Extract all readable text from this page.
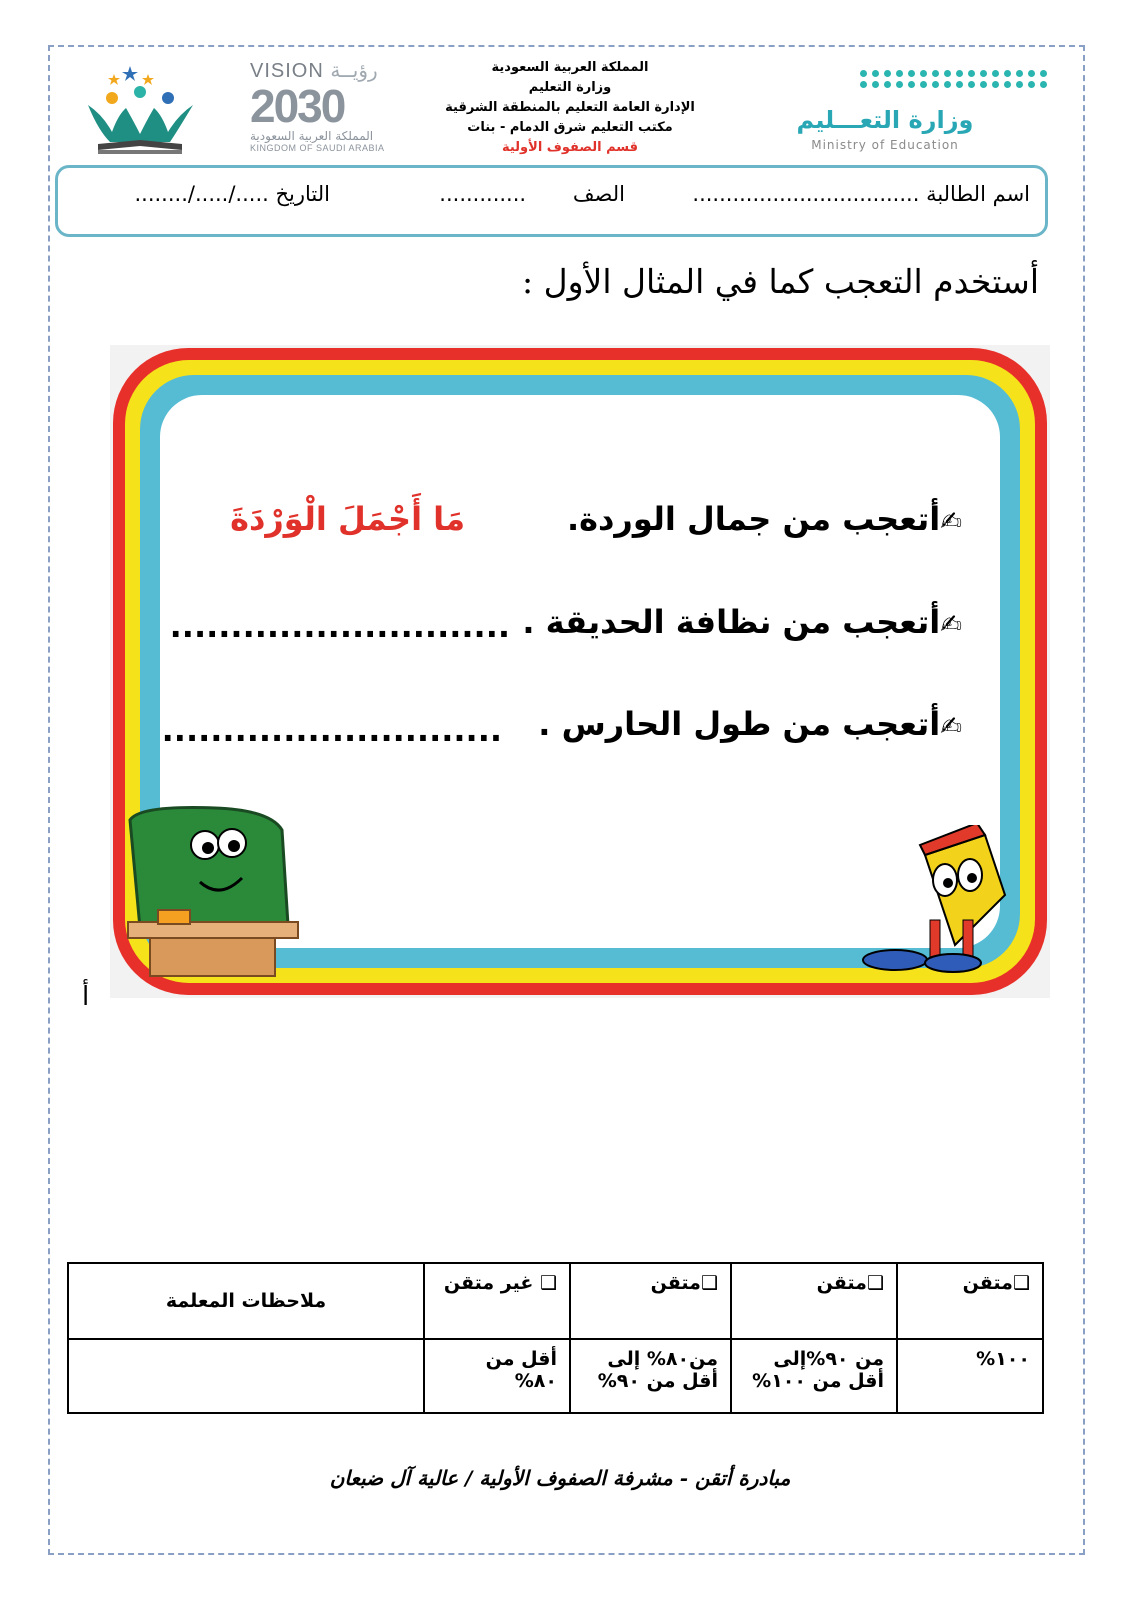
وزارة التعـــليم
Ministry of Education
المملكة العربية السعودية
وزارة التعليم
الإدارة العامة التعليم بالمنطقة الشرقية
مكتب التعليم شرق الدمام - بنات
قسم الصفوف الأولية
VISION رؤيــة
2030
المملكة العربية السعودية
KINGDOM OF SAUDI ARABIA
اسم الطالبة ..................................
الصف       .............
التاريخ ...../...../........
أستخدم التعجب كما في المثال الأول :
✍أتعجب من جمال الوردة.
مَا أَجْمَلَ الْوَرْدَةَ
✍أتعجب من نظافة الحديقة .
............................
✍أتعجب من طول الحارس .
............................
أ
❑متقن	❑متقن	❑متقن	❑ غير متقن	ملاحظات المعلمة
١٠٠%	من ٩٠%إلى أقل من ١٠٠%	من٨٠% إلى أقل من ٩٠%	أقل من ٨٠%	
مبادرة أتقن - مشرفة الصفوف الأولية / عالية آل ضبعان
